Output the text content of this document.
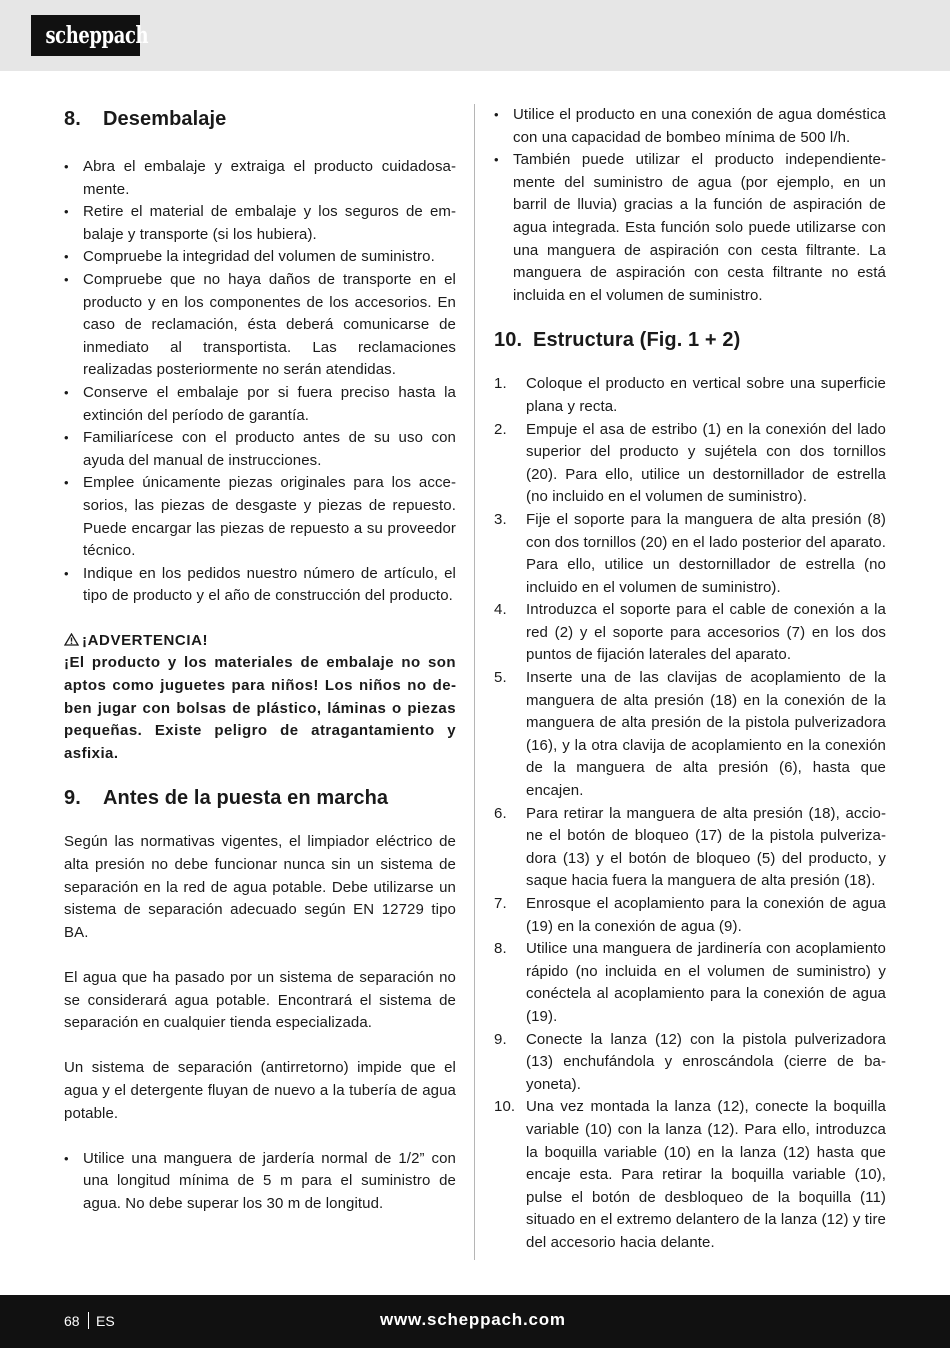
scheppach
8.	Desembalaje
• Abra el embalaje y extraiga el producto cuidadosamente.
• Retire el material de embalaje y los seguros de embalaje y transporte (si los hubiera).
• Compruebe la integridad del volumen de suministro.
• Compruebe que no haya daños de transporte en el producto y en los componentes de los accesorios. En caso de reclamación, ésta deberá comunicarse de inmediato al transportista. Las reclamaciones realizadas posteriormente no serán atendidas.
• Conserve el embalaje por si fuera preciso hasta la extinción del período de garantía.
• Familiarícese con el producto antes de su uso con ayuda del manual de instrucciones.
• Emplee únicamente piezas originales para los accesorios, las piezas de desgaste y piezas de repuesto. Puede encargar las piezas de repuesto a su proveedor técnico.
• Indique en los pedidos nuestro número de artículo, el tipo de producto y el año de construcción del producto.
¡ADVERTENCIA!

¡El producto y los materiales de embalaje no son aptos como juguetes para niños! Los niños no deben jugar con bolsas de plástico, láminas o piezas pequeñas. Existe peligro de atragantamiento y asfixia.

9.	Antes de la puesta en marcha

Según las normativas vigentes, el limpiador eléctrico de alta presión no debe funcionar nunca sin un sistema de separación en la red de agua potable. Debe utilizarse un sistema de separación adecuado según EN 12729 tipo BA.

El agua que ha pasado por un sistema de separación no se considerará agua potable. Encontrará el sistema de separación en cualquier tienda especializada.

Un sistema de separación (antirretorno) impide que el agua y el detergente fluyan de nuevo a la tubería de agua potable.

• Utilice una manguera de jardería normal de 1/2” con una longitud mínima de 5 m para el suministro de agua. No debe superar los 30 m de longitud.
• Utilice el producto en una conexión de agua doméstica con una capacidad de bombeo mínima de 500 l/h.
• También puede utilizar el producto independientemente del suministro de agua (por ejemplo, en un barril de lluvia) gracias a la función de aspiración de agua integrada. Esta función solo puede utilizarse con una manguera de aspiración con cesta filtrante. La manguera de aspiración con cesta filtrante no está incluida en el volumen de suministro.
10. Estructura (Fig. 1 + 2)
1.	Coloque el producto en vertical sobre una superficie plana y recta.
2.	Empuje el asa de estribo (1) en la conexión del lado superior del producto y sujétela con dos tornillos (20). Para ello, utilice un destornillador de estrella (no incluido en el volumen de suministro).
3.	Fije el soporte para la manguera de alta presión (8) con dos tornillos (20) en el lado posterior del aparato. Para ello, utilice un destornillador de estrella (no incluido en el volumen de suministro).
4.	Introduzca el soporte para el cable de conexión a la red (2) y el soporte para accesorios (7) en los dos puntos de fijación laterales del aparato.
5.	Inserte una de las clavijas de acoplamiento de la manguera de alta presión (18) en la conexión de la manguera de alta presión de la pistola pulverizadora (16), y la otra clavija de acoplamiento en la conexión de la manguera de alta presión (6), hasta que encajen.
6.	Para retirar la manguera de alta presión (18), accione el botón de bloqueo (17) de la pistola pulverizadora (13) y el botón de bloqueo (5) del producto, y saque hacia fuera la manguera de alta presión (18).
7.	Enrosque el acoplamiento para la conexión de agua (19) en la conexión de agua (9).
8.	Utilice una manguera de jardinería con acoplamiento rápido (no incluida en el volumen de suministro) y conéctela al acoplamiento para la conexión de agua (19).
9.	Conecte la lanza (12) con la pistola pulverizadora (13) enchufándola y enroscándola (cierre de bayoneta).
10. Una vez montada la lanza (12), conecte la boquilla variable (10) con la lanza (12). Para ello, introduzca la boquilla variable (10) en la lanza (12) hasta que encaje esta. Para retirar la boquilla variable (10), pulse el botón de desbloqueo de la boquilla (11) situado en el extremo delantero de la lanza (12) y tire del accesorio hacia delante.
68 ES	www.scheppach.com
